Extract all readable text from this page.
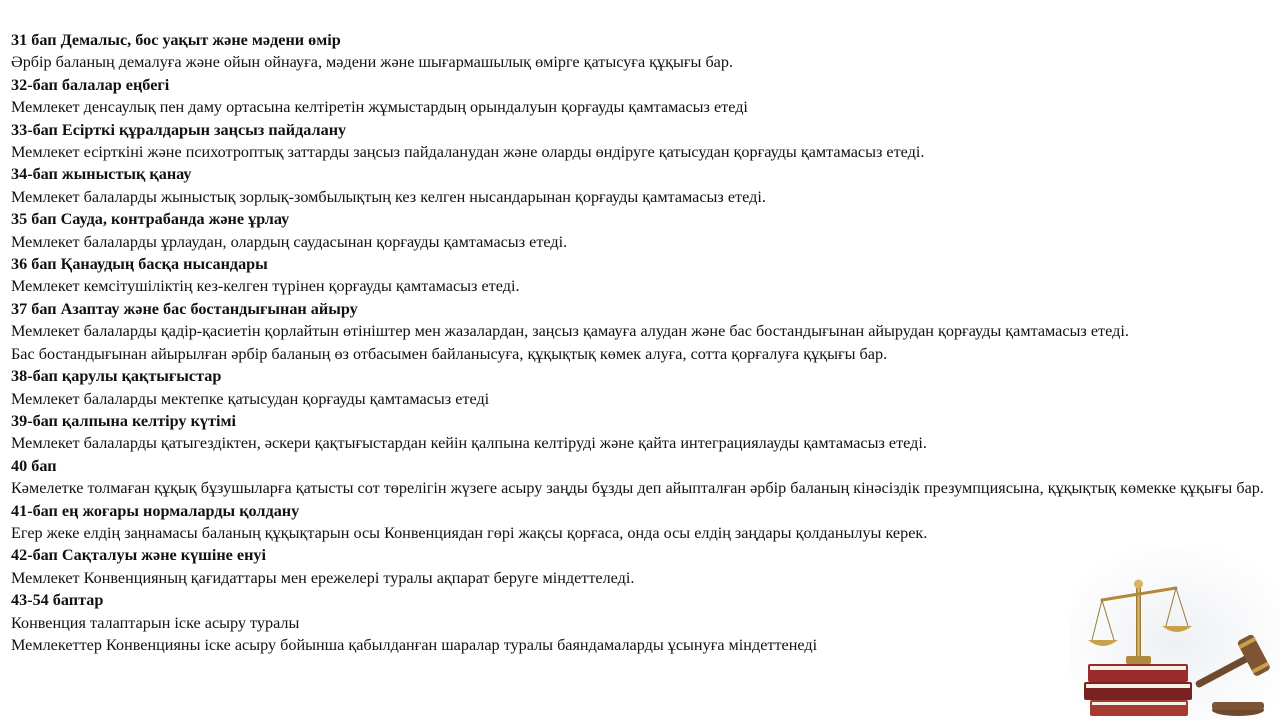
31 бап Демалыс, бос уақыт және мәдени өмір
Әрбір баланың демалуға және ойын ойнауға, мәдени және шығармашылық өмірге қатысуға құқығы бар.
32-бап балалар еңбегі
Мемлекет денсаулық пен даму ортасына келтіретін жұмыстардың орындалуын қорғауды қамтамасыз етеді
33-бап Есірткі құралдарын заңсыз пайдалану
Мемлекет есірткіні және психотроптық заттарды заңсыз пайдаланудан және оларды өндіруге қатысудан қорғауды қамтамасыз етеді.
34-бап жыныстық қанау
Мемлекет балаларды жыныстық зорлық-зомбылықтың кез келген нысандарынан қорғауды қамтамасыз етеді.
35 бап Сауда, контрабанда және ұрлау
Мемлекет балаларды ұрлаудан, олардың саудасынан қорғауды қамтамасыз етеді.
36 бап Қанаудың басқа нысандары
Мемлекет кемсітушіліктің кез-келген түрінен қорғауды қамтамасыз етеді.
37 бап Азаптау және бас бостандығынан айыру
Мемлекет балаларды қадір-қасиетін қорлайтын өтініштер мен жазалардан, заңсыз қамауға алудан және бас бостандығынан айырудан қорғауды қамтамасыз етеді.
Бас бостандығынан айырылған әрбір баланың өз отбасымен байланысуға, құқықтық көмек алуға, сотта қорғалуға құқығы бар.
38-бап қарулы қақтығыстар
Мемлекет балаларды мектепке қатысудан қорғауды қамтамасыз етеді
39-бап қалпына келтіру күтімі
Мемлекет балаларды қатыгездіктен, әскери қақтығыстардан кейін қалпына келтіруді және қайта интеграциялауды қамтамасыз етеді.
40 бап
Кәмелетке толмаған құқық бұзушыларға қатысты сот төрелігін жүзеге асыру заңды бұзды деп айыпталған әрбір баланың кінәсіздік презумпциясына, құқықтық көмекке құқығы бар.
41-бап ең жоғары нормаларды қолдану
Егер жеке елдің заңнамасы баланың құқықтарын осы Конвенциядан гөрі жақсы қорғаса, онда осы елдің заңдары қолданылуы керек.
42-бап Сақталуы және күшіне енуі
Мемлекет Конвенцияның қағидаттары мен ережелері туралы ақпарат беруге міндеттеледі.
43-54 баптар
Конвенция талаптарын іске асыру туралы
Мемлекеттер Конвенцияны іске асыру бойынша қабылданған шаралар туралы баяндамаларды ұсынуға міндеттенеді
